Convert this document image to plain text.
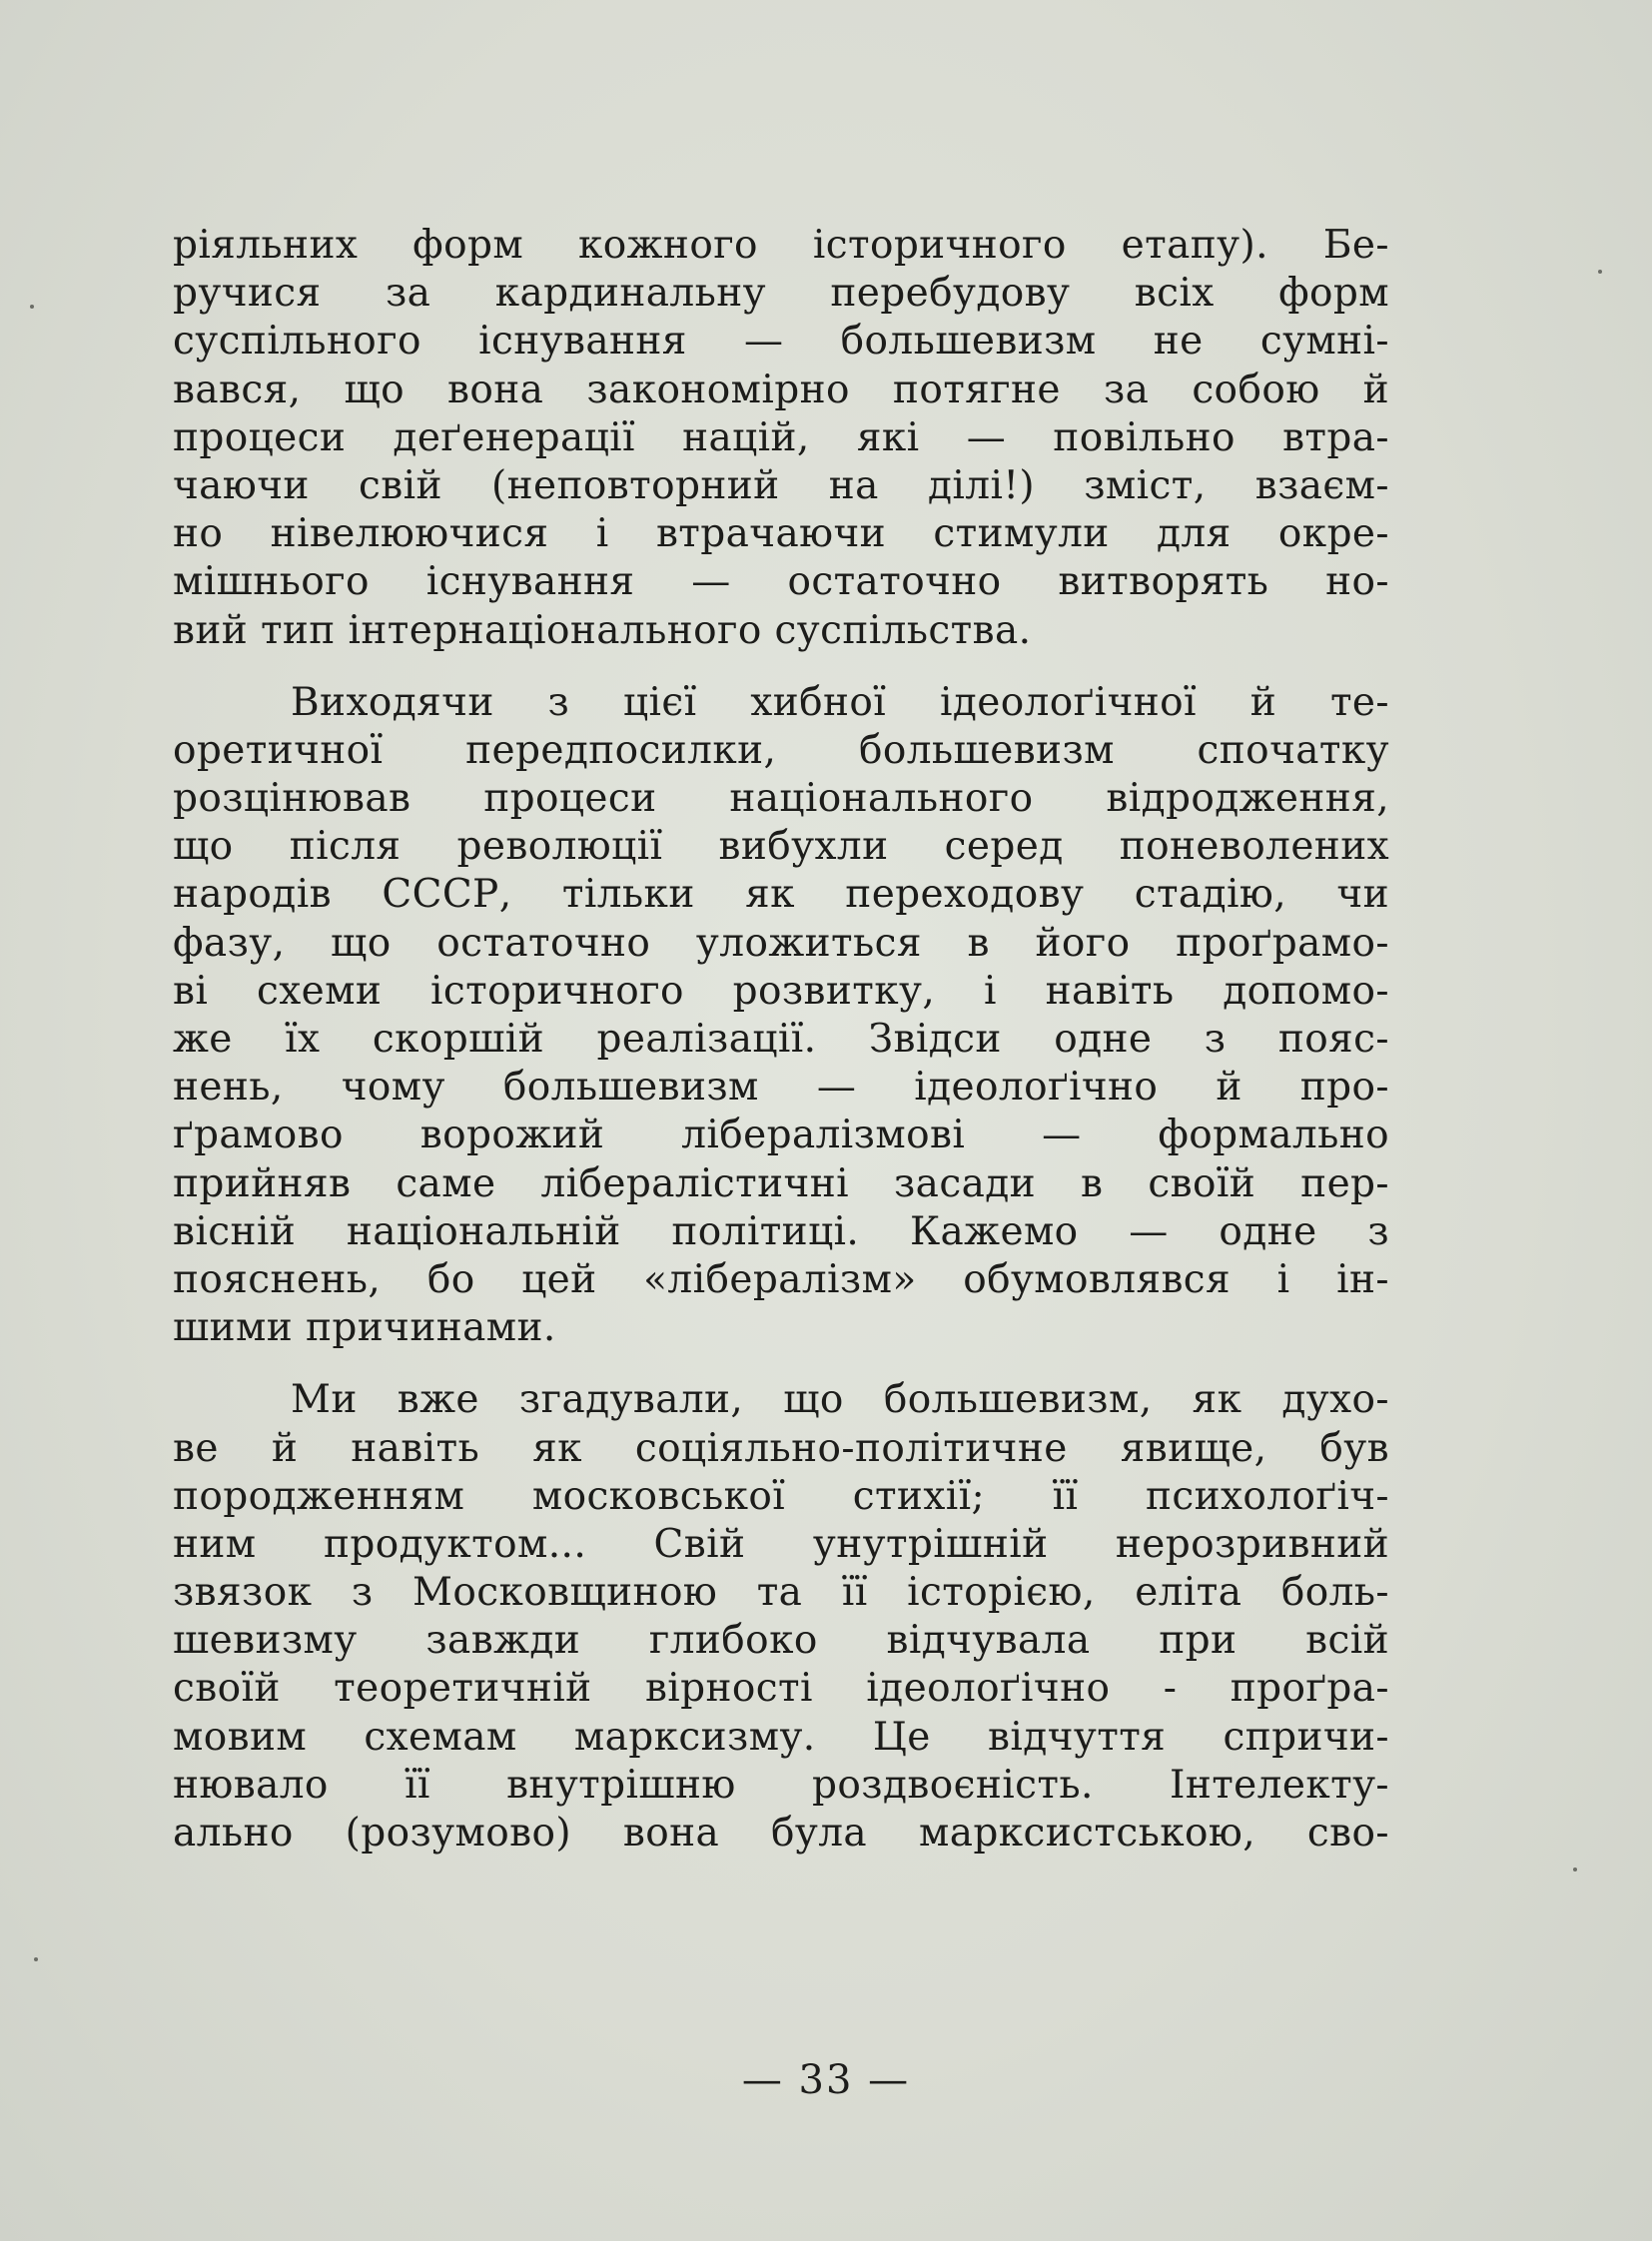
ріяльних форм кожного історичного етапу). Бе-
ручися за кардинальну перебудову всіх форм
суспільного існування — большевизм не сумні-
вався, що вона закономірно потягне за собою й
процеси деґенерації націй, які — повільно втра-
чаючи свій (неповторний на ділі!) зміст, взаєм-
но нівелюючися і втрачаючи стимули для окре-
мішнього існування — остаточно витворять но-
вий тип інтернаціонального суспільства.

Виходячи з цієї хибної ідеолоґічної й те-
оретичної передпосилки, большевизм спочатку
розцінював процеси національного відродження,
що після революції вибухли серед поневолених
народів СССР, тільки як переходову стадію, чи
фазу, що остаточно уложиться в його проґрамо-
ві схеми історичного розвитку, і навіть допомо-
же їх скоршій реалізації. Звідси одне з пояс-
нень, чому большевизм — ідеолоґічно й про-
ґрамово ворожий лібералізмові — формально
прийняв саме лібералістичні засади в своїй пер-
вісній національній політиці. Кажемо — одне з
пояснень, бо цей «лібералізм» обумовлявся і ін-
шими причинами.

Ми вже згадували, що большевизм, як духо-
ве й навіть як соціяльно-політичне явище, був
породженням московської стихії; її психолоґіч-
ним продуктом... Свій унутрішній нерозривний
звязок з Московщиною та її історією, еліта боль-
шевизму завжди глибоко відчувала при всій
своїй теоретичній вірності ідеолоґічно - проґра-
мовим схемам марксизму. Це відчуття спричи-
нювало її внутрішню роздвоєність. Інтелекту-
ально (розумово) вона була марксистською, сво-

— 33 —
